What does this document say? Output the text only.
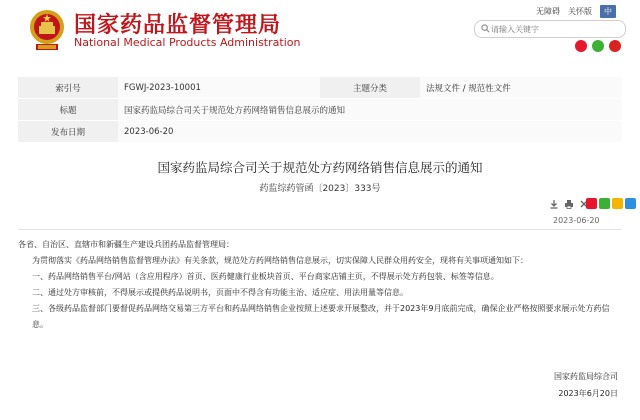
国家药品监督管理局
National Medical Products Administration
无障碍 关怀版	中
请输入关键字
索引号	FGWJ-2023-10001	主题分类	法规文件 / 规范性文件
标题	国家药监局综合司关于规范处方药网络销售信息展示的通知		
发布日期	2023-06-20		
国家药监局综合司关于规范处方药网络销售信息展示的通知
药监综药管函〔2023〕333号
2023-06-20

各省、自治区、直辖市和新疆生产建设兵团药品监督管理局：

为贯彻落实《药品网络销售监督管理办法》有关条款，规范处方药网络销售信息展示，切实保障人民群众用药安全，现将有关事项通知如下：

一、药品网络销售平台/网站（含应用程序）首页、医药健康行业板块首页、平台商家店铺主页，不得展示处方药包装、标签等信息。

二、通过处方审核前，不得展示或提供药品说明书，页面中不得含有功能主治、适应症、用法用量等信息。

三、各级药品监督部门要督促药品网络交易第三方平台和药品网络销售企业按照上述要求开展整改，并于2023年9月底前完成，确保企业严格按照要求展示处方药信息。

国家药监局综合司
2023年6月20日
